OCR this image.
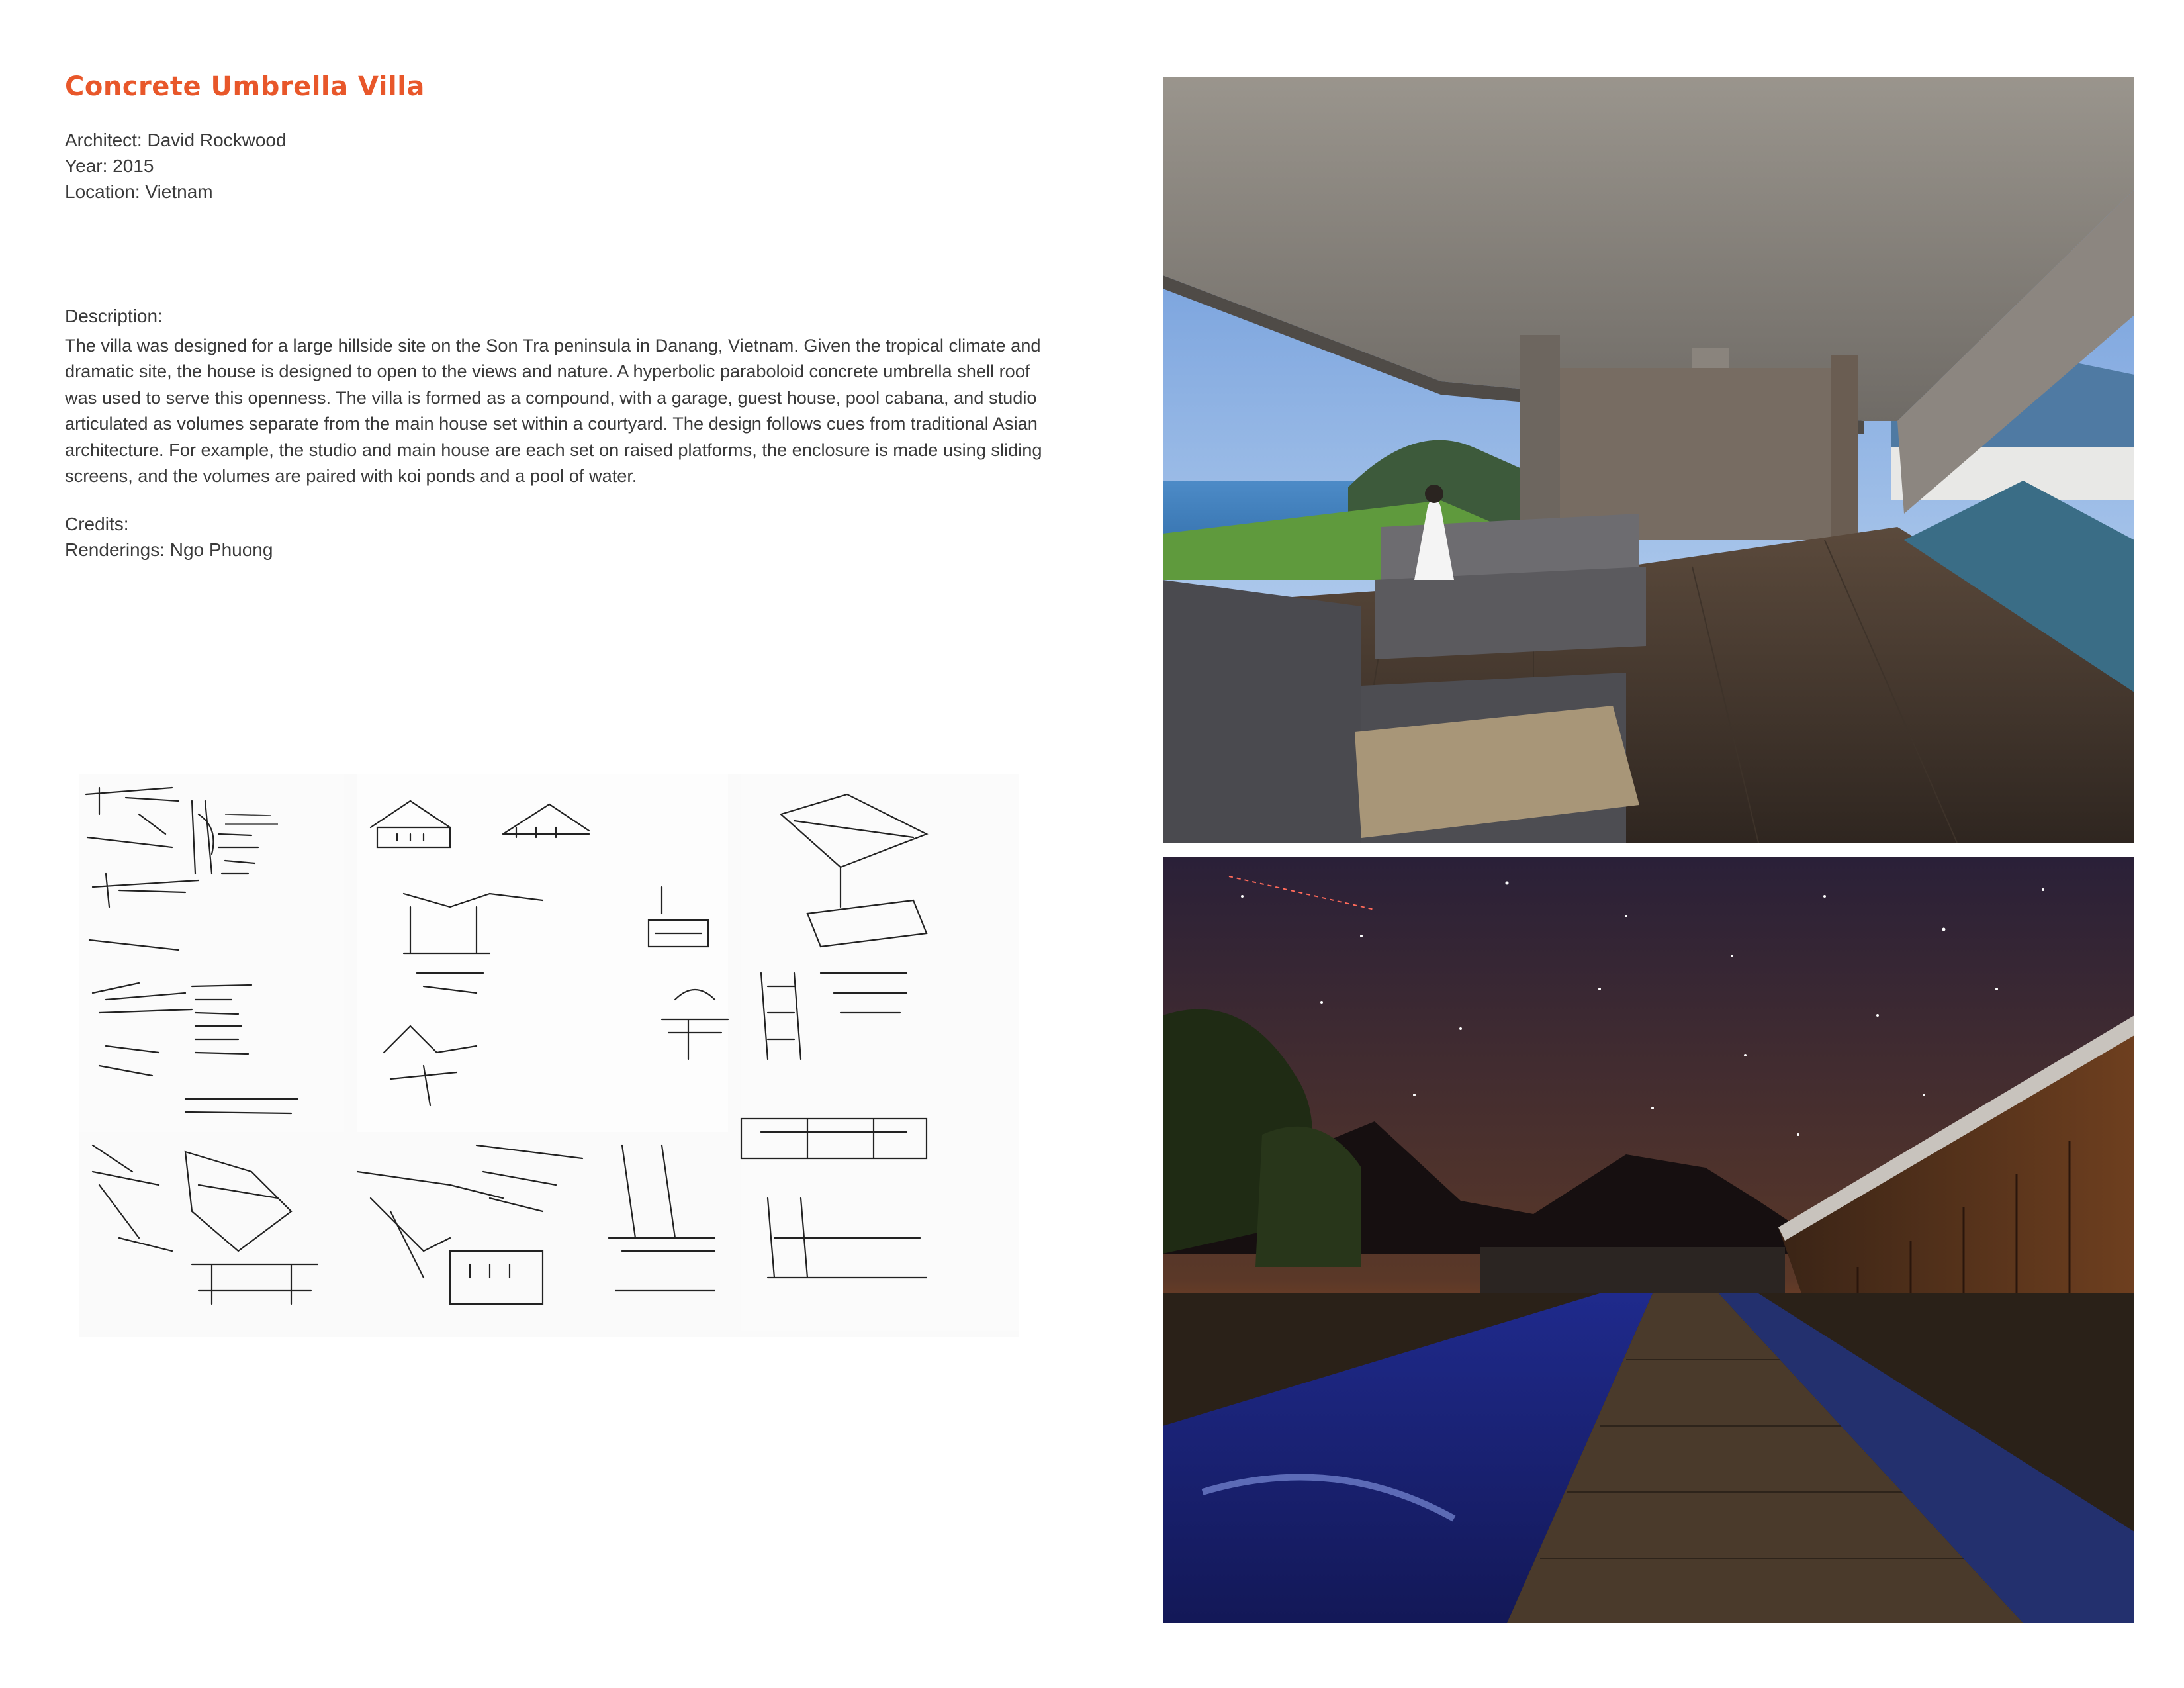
Concrete Umbrella Villa
Architect: David Rockwood
Year: 2015
Location: Vietnam
Description:
The villa was designed for a large hillside site on the Son Tra peninsula in Danang, Vietnam. Given the tropical climate and dramatic site, the house is designed to open to the views and nature. A hyperbolic paraboloid concrete umbrella shell roof was used to serve this openness. The villa is formed as a compound, with a garage, guest house, pool cabana, and studio articulated as volumes separate from the main house set within a courtyard. The design follows cues from traditional Asian architecture. For example, the studio and main house are each set on raised platforms, the enclosure is made using sliding screens, and the volumes are paired with koi ponds and a pool of water.
Credits:
Renderings: Ngo Phuong
